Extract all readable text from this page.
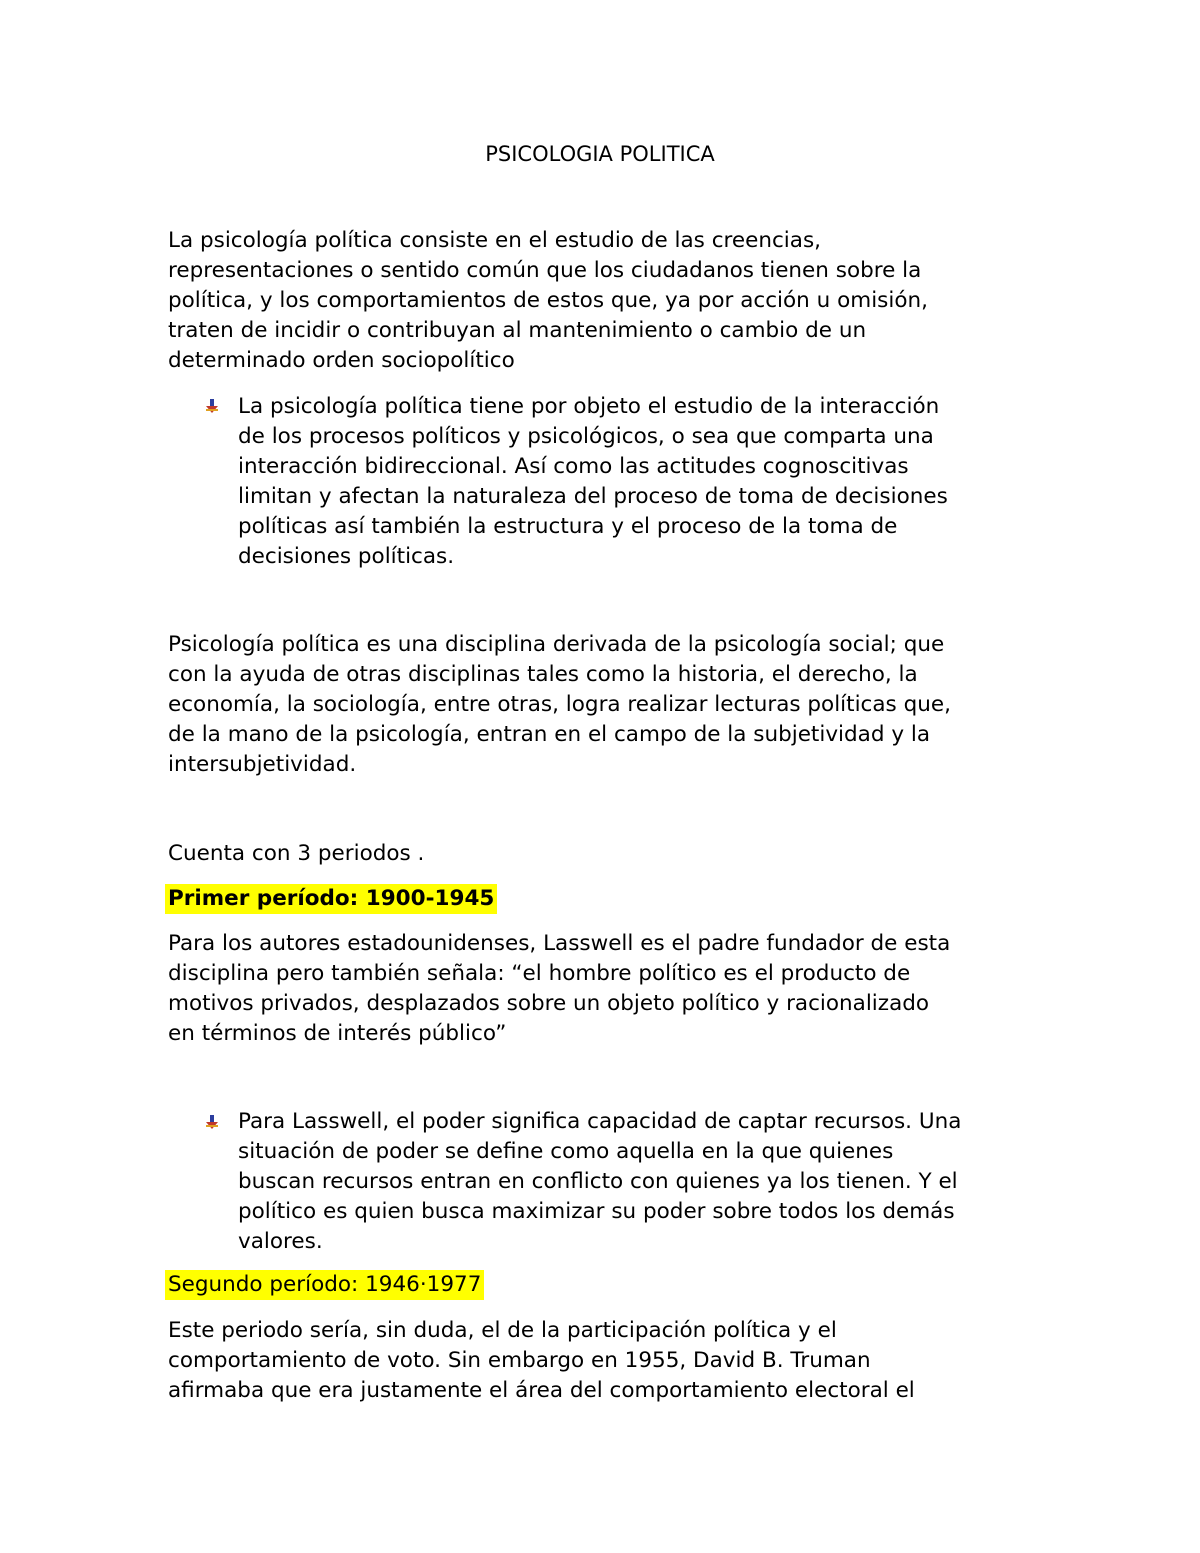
PSICOLOGIA POLITICA
La psicología política consiste en el estudio de las creencias,
representaciones o sentido común que los ciudadanos tienen sobre la
política, y los comportamientos de estos que, ya por acción u omisión,
traten de incidir o contribuyan al mantenimiento o cambio de un
determinado orden sociopolítico
La psicología política tiene por objeto el estudio de la interacción
de los procesos políticos y psicológicos, o sea que comparta una
interacción bidireccional. Así como las actitudes cognoscitivas
limitan y afectan la naturaleza del proceso de toma de decisiones
políticas así también la estructura y el proceso de la toma de
decisiones políticas.
Psicología política es una disciplina derivada de la psicología social; que
con la ayuda de otras disciplinas tales como la historia, el derecho, la
economía, la sociología, entre otras, logra realizar lecturas políticas que,
de la mano de la psicología, entran en el campo de la subjetividad y la
intersubjetividad.
Cuenta con 3 periodos .
Primer período: 1900-1945
Para los autores estadounidenses, Lasswell es el padre fundador de esta
disciplina pero también señala: “el hombre político es el producto de
motivos privados, desplazados sobre un objeto político y racionalizado
en términos de interés público”
Para Lasswell, el poder significa capacidad de captar recursos. Una
situación de poder se define como aquella en la que quienes
buscan recursos entran en conflicto con quienes ya los tienen. Y el
político es quien busca maximizar su poder sobre todos los demás
valores.
Segundo período: 1946·1977
Este periodo sería, sin duda, el de la participación política y el
comportamiento de voto. Sin embargo en 1955, David B. Truman
afirmaba que era justamente el área del comportamiento electoral el
